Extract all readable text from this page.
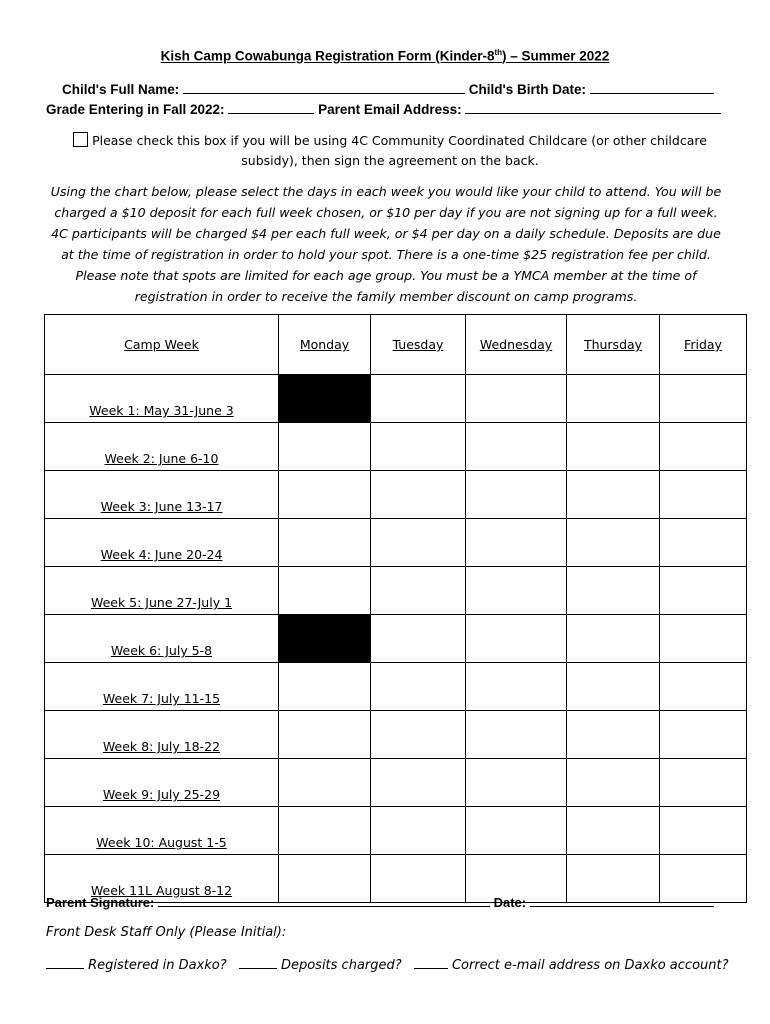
Kish Camp Cowabunga Registration Form (Kinder-8th) – Summer 2022
Child's Full Name:	Child's Birth Date:
Grade Entering in Fall 2022:	Parent Email Address:
Please check this box if you will be using 4C Community Coordinated Childcare (or other childcare subsidy), then sign the agreement on the back.
Using the chart below, please select the days in each week you would like your child to attend. You will be charged a $10 deposit for each full week chosen, or $10 per day if you are not signing up for a full week. 4C participants will be charged $4 per each full week, or $4 per day on a daily schedule. Deposits are due at the time of registration in order to hold your spot. There is a one-time $25 registration fee per child. Please note that spots are limited for each age group. You must be a YMCA member at the time of registration in order to receive the family member discount on camp programs.
Camp Week	Monday	Tuesday	Wednesday	Thursday	Friday
Week 1: May 31-June 3					
Week 2: June 6-10					
Week 3: June 13-17					
Week 4: June 20-24					
Week 5: June 27-July 1					
Week 6: July 5-8					
Week 7: July 11-15					
Week 8: July 18-22					
Week 9: July 25-29					
Week 10: August 1-5					
Week 11L August 8-12					
Parent Signature:	Date:
Front Desk Staff Only (Please Initial):
Registered in Daxko?	Deposits charged?	Correct e-mail address on Daxko account?
